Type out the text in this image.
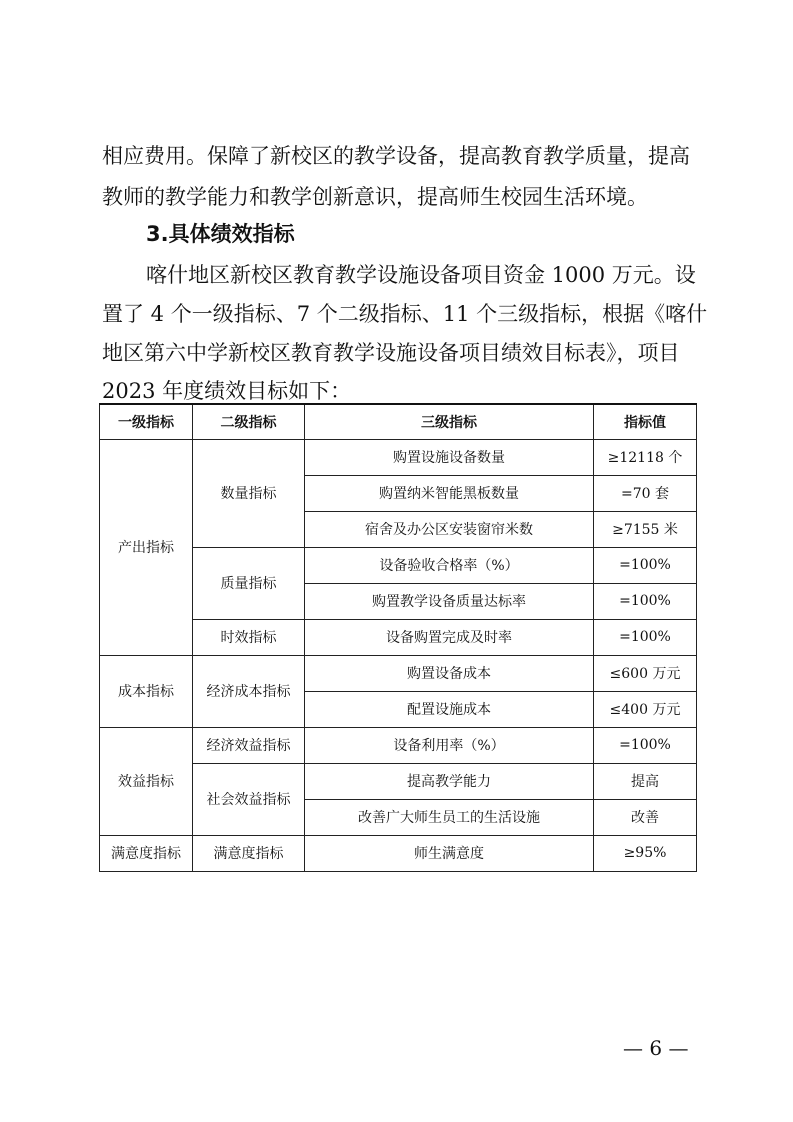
相应费用。保障了新校区的教学设备，提高教育教学质量，提高
教师的教学能力和教学创新意识，提高师生校园生活环境。
3.具体绩效指标
喀什地区新校区教育教学设施设备项目资金 1000 万元。设
置了 4 个一级指标、7 个二级指标、11 个三级指标，根据《喀什
地区第六中学新校区教育教学设施设备项目绩效目标表》，项目
2023 年度绩效目标如下：
一级指标	二级指标	三级指标	指标值
产出指标	数量指标	购置设施设备数量	≥12118 个
		购置纳米智能黑板数量	=70 套
		宿舍及办公区安装窗帘米数	≥7155 米
	质量指标	设备验收合格率（%）	=100%
		购置教学设备质量达标率	=100%
	时效指标	设备购置完成及时率	=100%
成本指标	经济成本指标	购置设备成本	≤600 万元
		配置设施成本	≤400 万元
效益指标	经济效益指标	设备利用率（%）	=100%
	社会效益指标	提高教学能力	提高
		改善广大师生员工的生活设施	改善
满意度指标	满意度指标	师生满意度	≥95%
— 6 —
